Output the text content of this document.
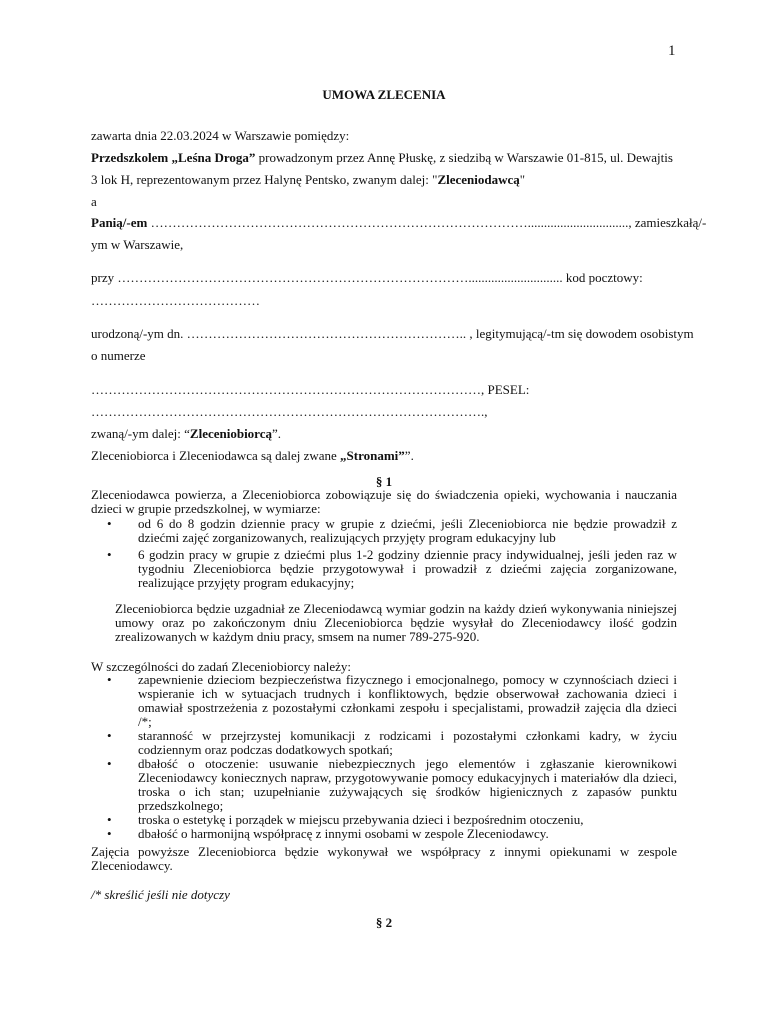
1
UMOWA ZLECENIA
zawarta dnia 22.03.2024 w Warszawie pomiędzy:
Przedszkolem „Leśna Droga” prowadzonym przez Annę Płuskę, z siedzibą w Warszawie 01-815, ul. Dewajtis
3 lok H, reprezentowanym przez Halynę Pentsko, zwanym dalej: "Zleceniodawcą"
a
Panią/-em ……………………………………………………………………………..............................., zamieszkałą/-
ym w Warszawie,
przy ………………………………………………………………………............................. kod pocztowy:
…………………………………
urodzoną/-ym dn. ……………………………………………………….. , legitymującą/-tm się dowodem osobistym
o numerze
………………………………………………………………………………, PESEL:
……………………………………………………………………………….,
zwaną/-ym dalej: “Zleceniobiorcą”.
Zleceniobiorca i Zleceniodawca są dalej zwane „Stronami””.
§ 1
Zleceniodawca powierza, a Zleceniobiorca zobowiązuje się do świadczenia opieki, wychowania i nauczania dzieci w grupie przedszkolnej, w wymiarze:
• od 6 do 8 godzin dziennie pracy w grupie z dziećmi, jeśli Zleceniobiorca nie będzie prowadził z dziećmi zajęć zorganizowanych, realizujących przyjęty program edukacyjny lub
• 6 godzin pracy w grupie z dziećmi plus 1-2 godziny dziennie pracy indywidualnej, jeśli jeden raz w tygodniu Zleceniobiorca będzie przygotowywał i prowadził z dziećmi zajęcia zorganizowane, realizujące przyjęty program edukacyjny;
Zleceniobiorca będzie uzgadniał ze Zleceniodawcą wymiar godzin na każdy dzień wykonywania niniejszej umowy oraz po zakończonym dniu Zleceniobiorca będzie wysyłał do Zleceniodawcy ilość godzin zrealizowanych w każdym dniu pracy, smsem na numer 789-275-920.
W szczególności do zadań Zleceniobiorcy należy:
• zapewnienie dzieciom bezpieczeństwa fizycznego i emocjonalnego, pomocy w czynnościach dzieci i wspieranie ich w sytuacjach trudnych i konfliktowych, będzie obserwował zachowania dzieci i omawiał spostrzeżenia z pozostałymi członkami zespołu i specjalistami, prowadził zajęcia dla dzieci /*;
• staranność w przejrzystej komunikacji z rodzicami i pozostałymi członkami kadry, w życiu codziennym oraz podczas dodatkowych spotkań;
• dbałość o otoczenie: usuwanie niebezpiecznych jego elementów i zgłaszanie kierownikowi Zleceniodawcy koniecznych napraw, przygotowywanie pomocy edukacyjnych i materiałów dla dzieci, troska o ich stan; uzupełnianie zużywających się środków higienicznych z zapasów punktu przedszkolnego;
• troska o estetykę i porządek w miejscu przebywania dzieci i bezpośrednim otoczeniu,
• dbałość o harmonijną współpracę z innymi osobami w zespole Zleceniodawcy.
Zajęcia powyższe Zleceniobiorca będzie wykonywał we współpracy z innymi opiekunami w zespole Zleceniodawcy.
/* skreślić jeśli nie dotyczy
§ 2
